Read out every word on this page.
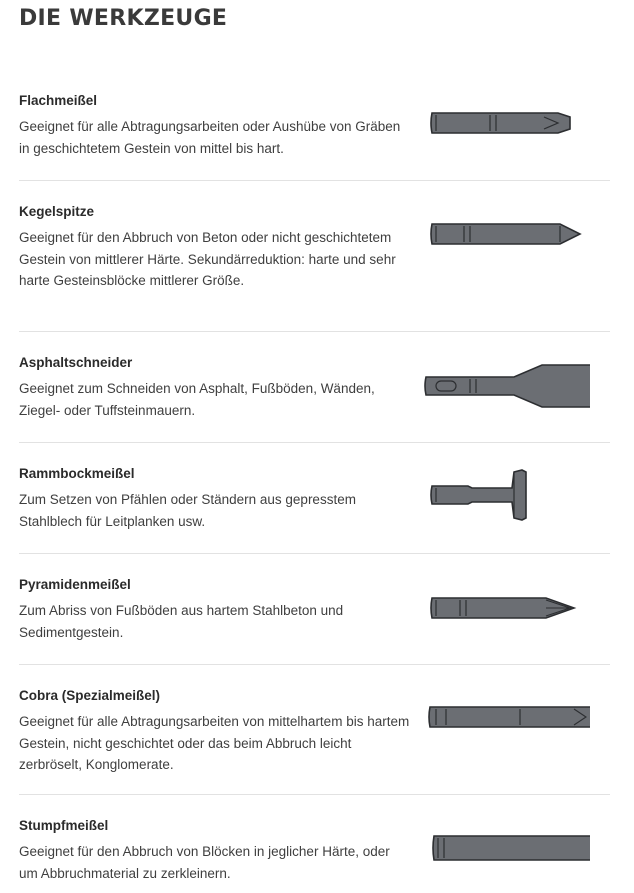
DIE WERKZEUGE
Flachmeißel
Geeignet für alle Abtragungsarbeiten oder Aushübe von Gräben in geschichtetem Gestein von mittel bis hart.
Kegelspitze
Geeignet für den Abbruch von Beton oder nicht geschichtetem Gestein von mittlerer Härte. Sekundärreduktion: harte und sehr harte Gesteinsblöcke mittlerer Größe.
Asphaltschneider
Geeignet zum Schneiden von Asphalt, Fußböden, Wänden, Ziegel- oder Tuffsteinmauern.
Rammbockmeißel
Zum Setzen von Pfählen oder Ständern aus gepresstem Stahlblech für Leitplanken usw.
Pyramidenmeißel
Zum Abriss von Fußböden aus hartem Stahlbeton und Sedimentgestein.
Cobra (Spezialmeißel)
Geeignet für alle Abtragungsarbeiten von mittelhartem bis hartem Gestein, nicht geschichtet oder das beim Abbruch leicht zerbröselt, Konglomerate.
Stumpfmeißel
Geeignet für den Abbruch von Blöcken in jeglicher Härte, oder um Abbruchmaterial zu zerkleinern.
